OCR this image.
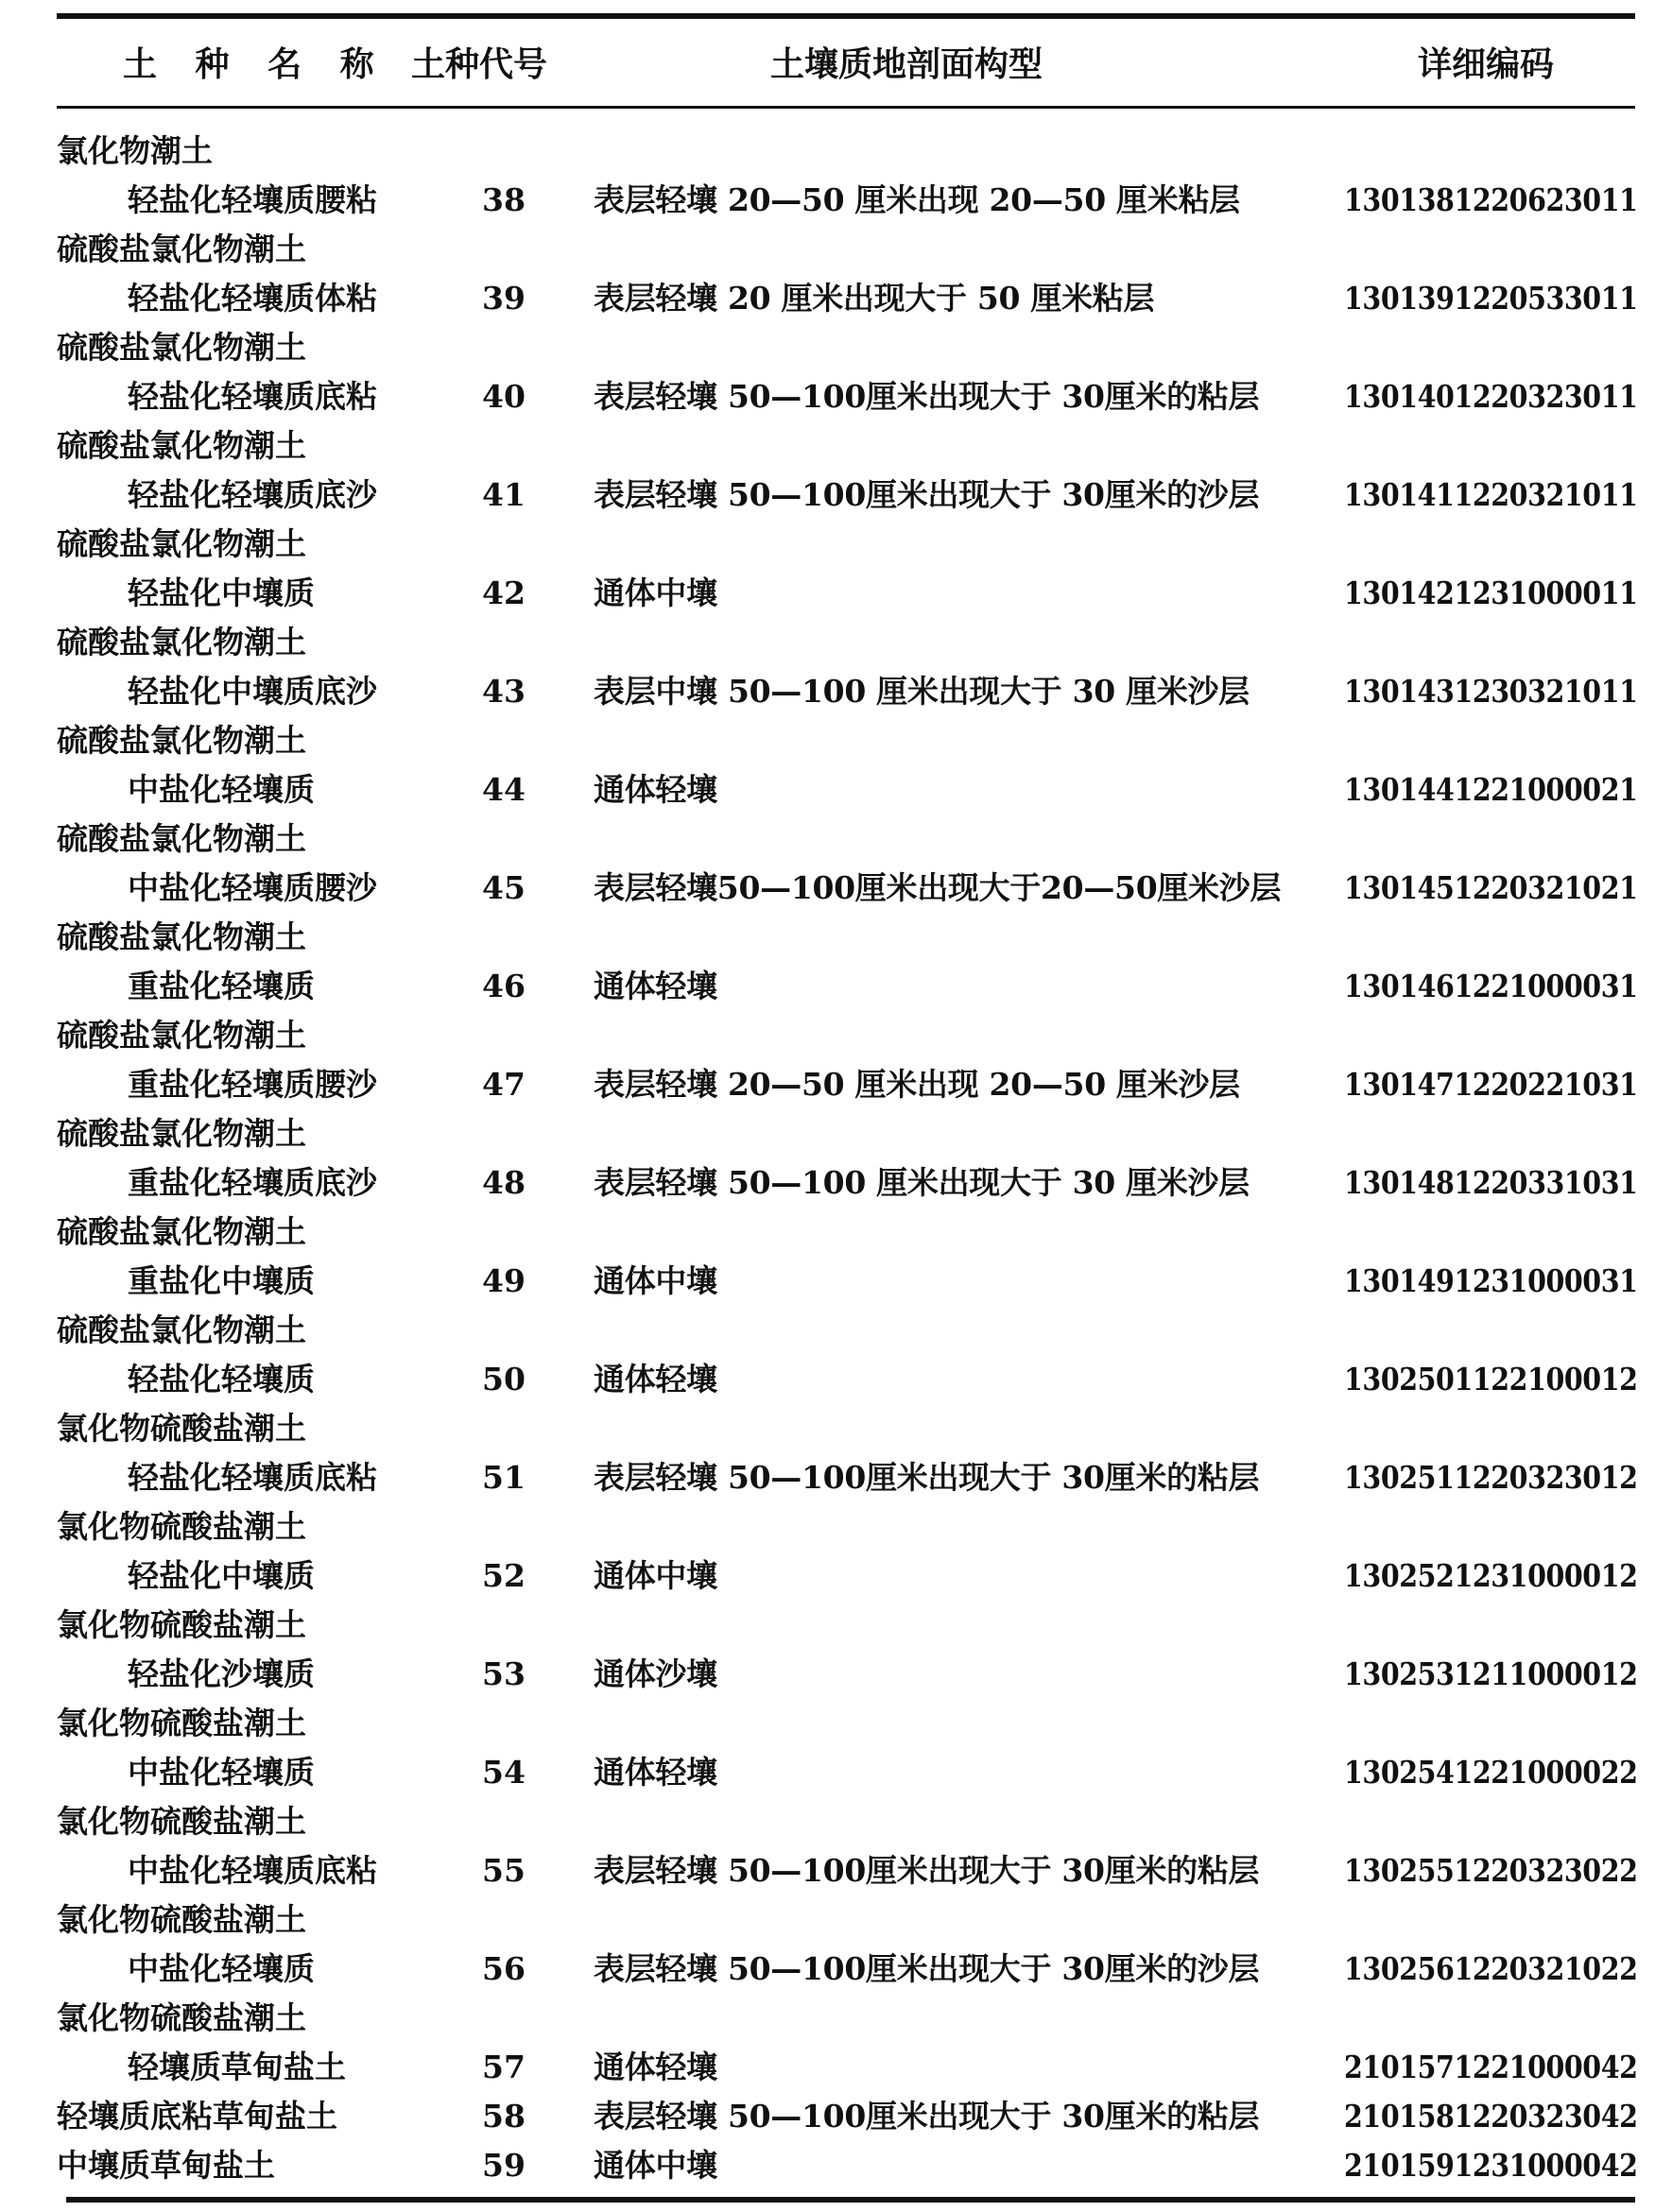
土 种 名 称 土种代号	土壤质地剖面构型	详细编码
氯化物潮土
轻盐化轻壤质腰粘	38 表层轻壤 20—50 厘米出现 20—50 厘米粘层	1301381220623011
硫酸盐氯化物潮土
轻盐化轻壤质体粘	39 表层轻壤 20 厘米出现大于 50 厘米粘层	1301391220533011
硫酸盐氯化物潮土
轻盐化轻壤质底粘	40 表层轻壤 50—100厘米出现大于 30厘米的粘层	1301401220323011
硫酸盐氯化物潮土
轻盐化轻壤质底沙	41 表层轻壤 50—100厘米出现大于 30厘米的沙层	1301411220321011
硫酸盐氯化物潮土
轻盐化中壤质	42 通体中壤	1301421231000011
硫酸盐氯化物潮土
轻盐化中壤质底沙	43 表层中壤 50—100 厘米出现大于 30 厘米沙层	1301431230321011
硫酸盐氯化物潮土
中盐化轻壤质	44 通体轻壤	1301441221000021
硫酸盐氯化物潮土
中盐化轻壤质腰沙	45 表层轻壤50—100厘米出现大于20—50厘米沙层 1301451220321021
硫酸盐氯化物潮土
重盐化轻壤质	46 通体轻壤	1301461221000031
硫酸盐氯化物潮土
重盐化轻壤质腰沙	47 表层轻壤 20—50 厘米出现 20—50 厘米沙层	1301471220221031
硫酸盐氯化物潮土
重盐化轻壤质底沙	48 表层轻壤 50—100 厘米出现大于 30 厘米沙层	1301481220331031
硫酸盐氯化物潮土
重盐化中壤质	49 通体中壤	1301491231000031
硫酸盐氯化物潮土
轻盐化轻壤质	50 通体轻壤	1302501122100012
氯化物硫酸盐潮土
轻盐化轻壤质底粘	51 表层轻壤 50—100厘米出现大于 30厘米的粘层	1302511220323012
氯化物硫酸盐潮土
轻盐化中壤质	52 通体中壤	1302521231000012
氯化物硫酸盐潮土
轻盐化沙壤质	53 通体沙壤	1302531211000012
氯化物硫酸盐潮土
中盐化轻壤质	54 通体轻壤	1302541221000022
氯化物硫酸盐潮土
中盐化轻壤质底粘	55 表层轻壤 50—100厘米出现大于 30厘米的粘层	1302551220323022
氯化物硫酸盐潮土
中盐化轻壤质	56 表层轻壤 50—100厘米出现大于 30厘米的沙层	1302561220321022
氯化物硫酸盐潮土
轻壤质草甸盐土	57 通体轻壤	2101571221000042
轻壤质底粘草甸盐土	58 表层轻壤 50—100厘米出现大于 30厘米的粘层	2101581220323042
中壤质草甸盐土	59 通体中壤	2101591231000042
